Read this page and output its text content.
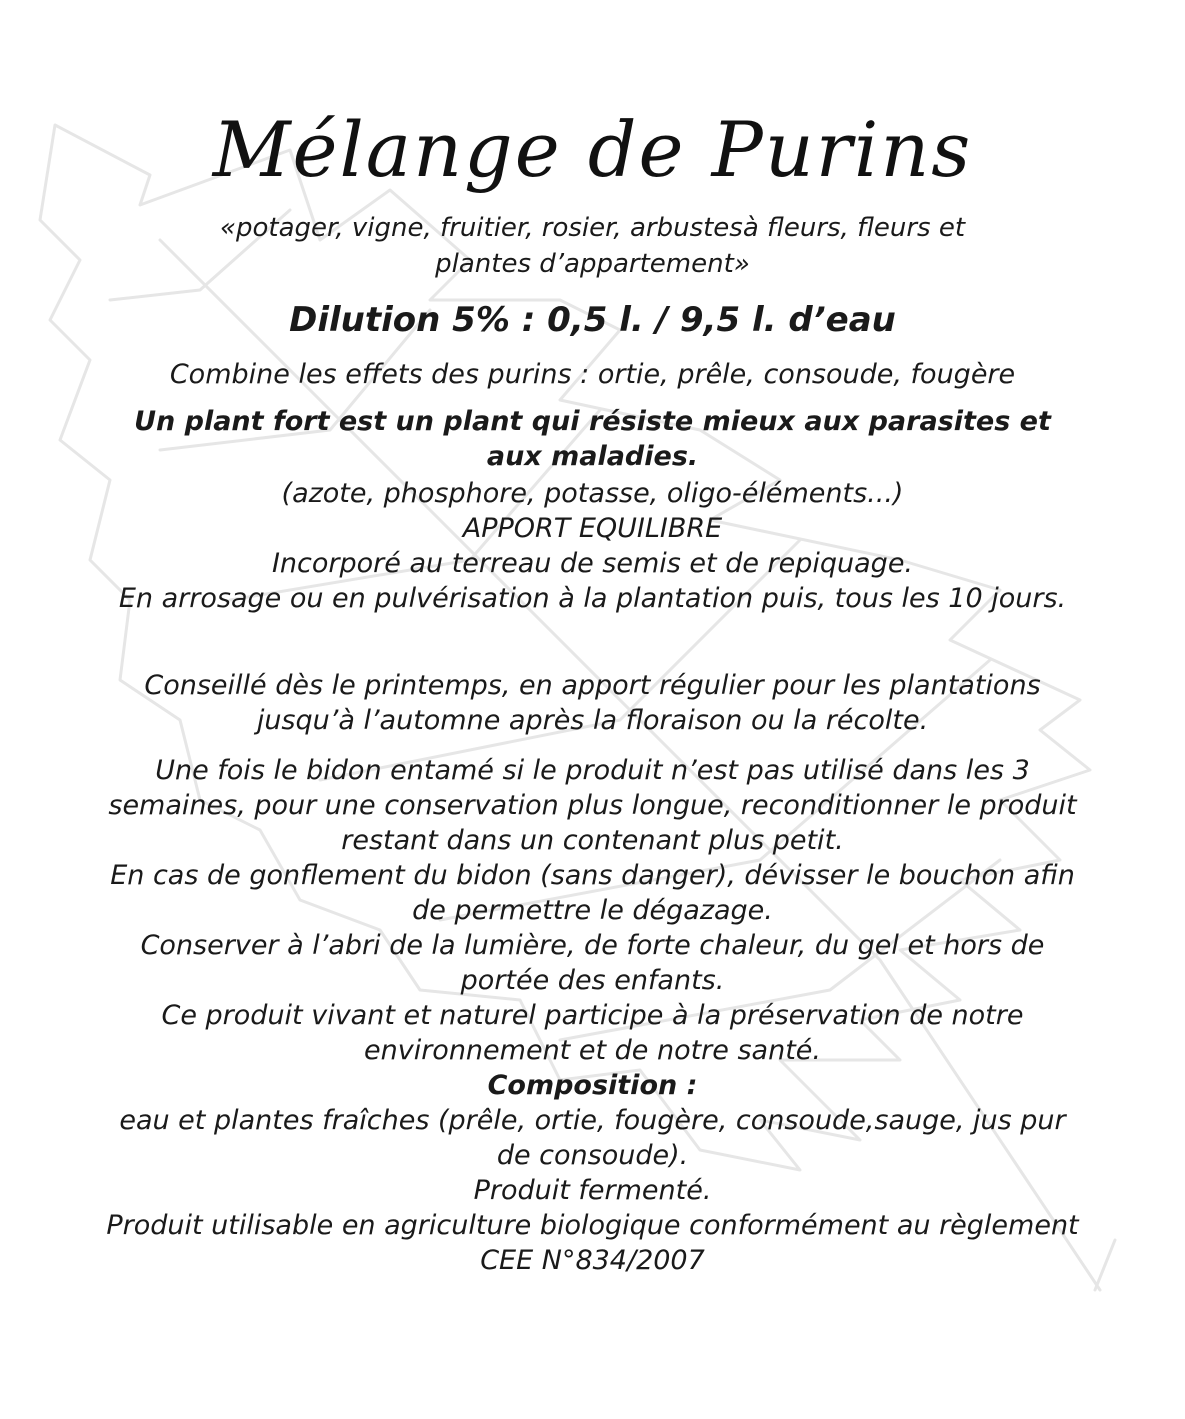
Mélange de Purins
«potager, vigne, fruitier, rosier, arbustesà fleurs, fleurs et plantes d’appartement»
Dilution 5% : 0,5 l. / 9,5 l. d’eau
Combine les effets des purins : ortie, prêle, consoude, fougère
Un plant fort est un plant qui résiste mieux aux parasites et aux maladies.
(azote, phosphore, potasse, oligo-éléments...)
APPORT EQUILIBRE
Incorporé au terreau de semis et de repiquage.
En arrosage ou en pulvérisation à la plantation puis, tous les 10 jours.
Conseillé dès le printemps, en apport régulier pour les plantations jusqu’à l’automne après la floraison ou la récolte.
Une fois le bidon entamé si le produit n’est pas utilisé dans les 3 semaines, pour une conservation plus longue, reconditionner le produit restant dans un contenant plus petit.
En cas de gonflement du bidon (sans danger), dévisser le bouchon afin de permettre le dégazage.
Conserver à l’abri de la lumière, de forte chaleur, du gel et hors de portée des enfants.
Ce produit vivant et naturel participe à la préservation de notre environnement et de notre santé.
Composition :
eau et plantes fraîches (prêle, ortie, fougère, consoude,sauge, jus pur de consoude).
Produit fermenté.
Produit utilisable en agriculture biologique conformément au règlement CEE N°834/2007
